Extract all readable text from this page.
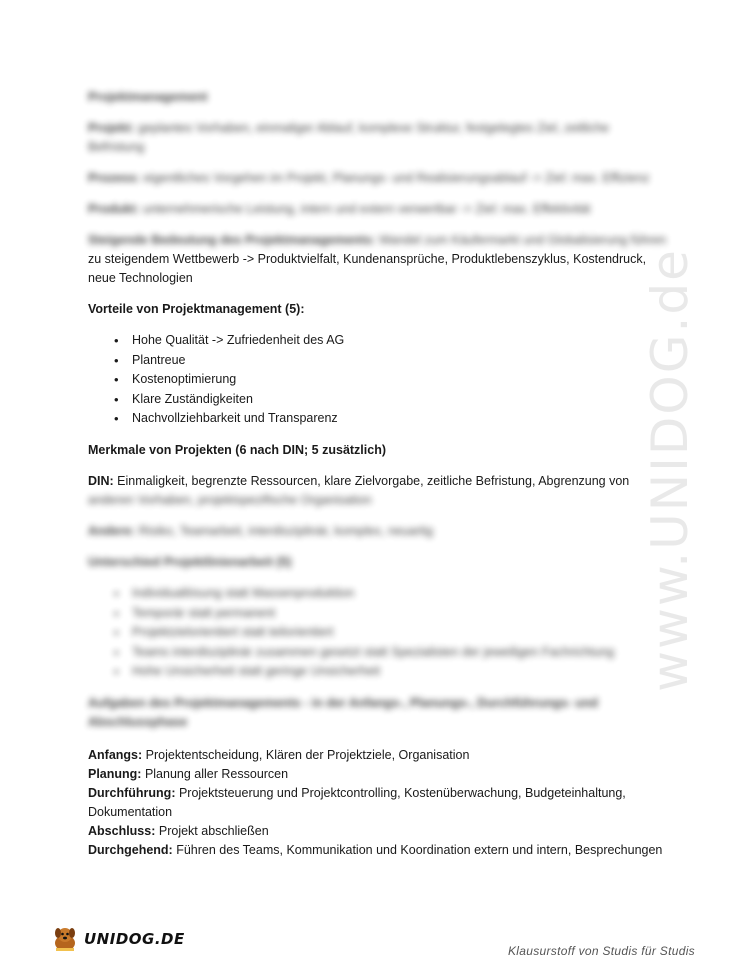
www.UNIDOG.de

Projektmanagement

Projekt: geplantes Vorhaben, einmaliger Ablauf, komplexe Struktur, festgelegtes Ziel, zeitliche Befristung

Prozess: eigentliches Vorgehen im Projekt, Planungs- und Realisierungsablauf -> Ziel: max. Effizienz

Produkt: unternehmerische Leistung, intern und extern verwertbar -> Ziel: max. Effektivität

Steigende Bedeutung des Projektmanagements: Wandel zum Käufermarkt und Globalisierung führen
zu steigendem Wettbewerb -> Produktvielfalt, Kundenansprüche, Produktlebenszyklus, Kostendruck, neue Technologien

Vorteile von Projektmanagement (5):

• Hohe Qualität -> Zufriedenheit des AG
• Plantreue
• Kostenoptimierung
• Klare Zuständigkeiten
• Nachvollziehbarkeit und Transparenz

Merkmale von Projekten (6 nach DIN; 5 zusätzlich)

DIN: Einmaligkeit, begrenzte Ressourcen, klare Zielvorgabe, zeitliche Befristung, Abgrenzung von
anderen Vorhaben, projektspezifische Organisation

Andere: Risiko, Teamarbeit, interdisziplinär, komplex, neuartig

Unterschied Projektlinienarbeit (5)

• Individuallösung statt Massenproduktion
• Temporär statt permanent
• Projektzielorientiert statt teilorientiert
• Teams interdisziplinär zusammen gesetzt statt Spezialisten der jeweiligen Fachrichtung
• Hohe Unsicherheit statt geringe Unsicherheit

Aufgaben des Projektmanagements - in der Anfangs-, Planungs-, Durchführungs- und Abschlussphase

Anfangs: Projektentscheidung, Klären der Projektziele, Organisation

Planung: Planung aller Ressourcen

Durchführung: Projektsteuerung und Projektcontrolling, Kostenüberwachung, Budgeteinhaltung, Dokumentation

Abschluss: Projekt abschließen

Durchgehend: Führen des Teams, Kommunikation und Koordination extern und intern, Besprechungen

UNIDOG.DE
Klausurstoff von Studis für Studis
